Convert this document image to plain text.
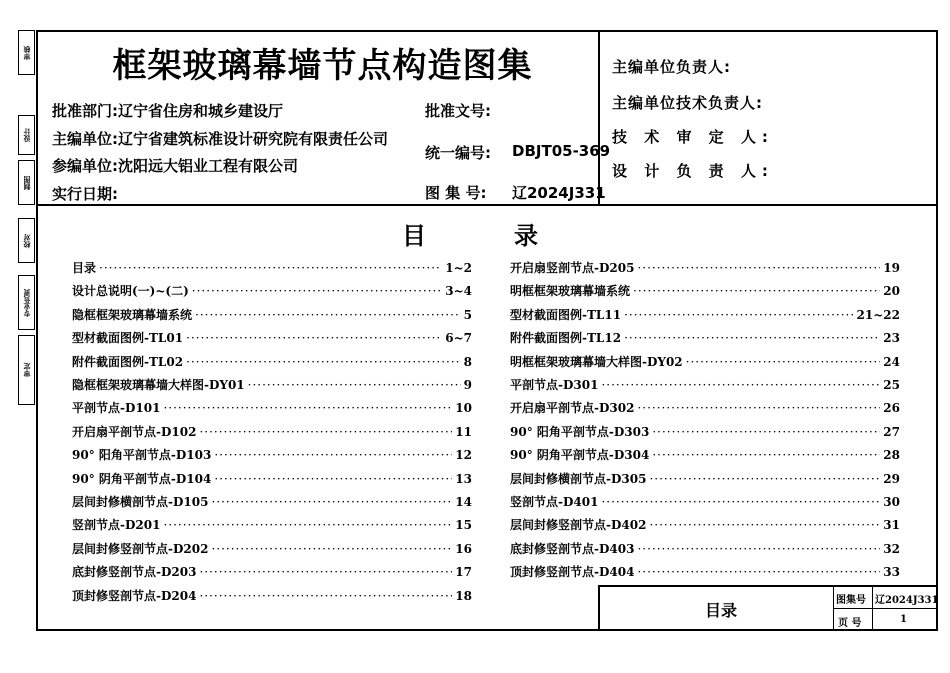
审核
设计
制图
校对
专业负责
审定
框架玻璃幕墙节点构造图集
批准部门:辽宁省住房和城乡建设厅
主编单位:辽宁省建筑标准设计研究院有限责任公司
参编单位:沈阳远大铝业工程有限公司
实行日期:
批准文号:
统一编号: DBJT05-369
图 集 号: 辽2024J331
主编单位负责人:
主编单位技术负责人:
技 术 审 定 人:
设 计 负 责 人:
目	录
目录 ·····	1~2
设计总说明(一)~(二) ·····	3~4
隐框框架玻璃幕墙系统 ·····	5
型材截面图例-TL01 ·····	6~7
附件截面图例-TL02 ·····	8
隐框框架玻璃幕墙大样图-DY01 ·····	9
平剖节点-D101 ·····	10
开启扇平剖节点-D102 ·····	11
90° 阳角平剖节点-D103 ·····	12
90° 阴角平剖节点-D104 ·····	13
层间封修横剖节点-D105 ·····	14
竖剖节点-D201 ·····	15
层间封修竖剖节点-D202 ·····	16
底封修竖剖节点-D203 ·····	17
顶封修竖剖节点-D204 ·····	18
开启扇竖剖节点-D205 ·····	19
明框框架玻璃幕墙系统 ·····	20
型材截面图例-TL11 ·····	21~22
附件截面图例-TL12 ·····	23
明框框架玻璃幕墙大样图-DY02 ·····	24
平剖节点-D301 ·····	25
开启扇平剖节点-D302 ·····	26
90° 阳角平剖节点-D303 ·····	27
90° 阴角平剖节点-D304 ·····	28
层间封修横剖节点-D305 ·····	29
竖剖节点-D401 ·····	30
层间封修竖剖节点-D402 ·····	31
底封修竖剖节点-D403 ·····	32
顶封修竖剖节点-D404 ·····	33
目录
图集号 辽2024J331
页 号	1
